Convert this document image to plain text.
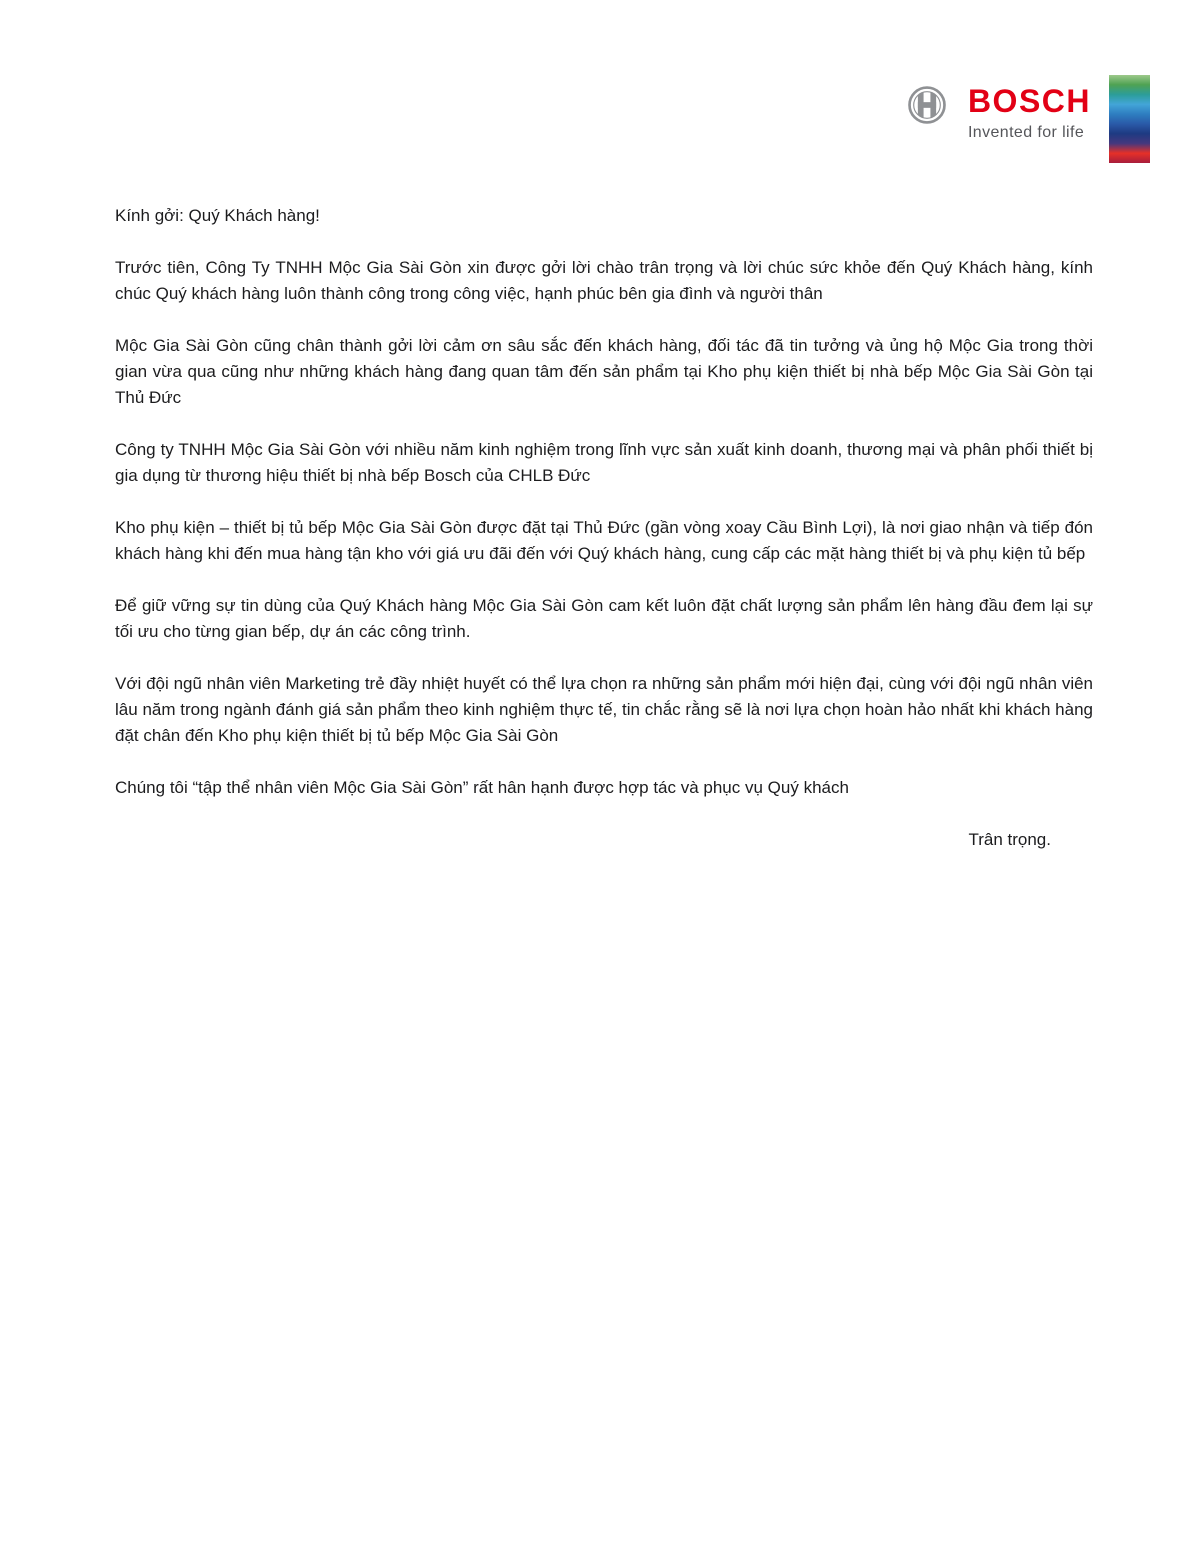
BOSCH
Invented for life

Kính gởi: Quý Khách hàng!

Trước tiên, Công Ty TNHH Mộc Gia Sài Gòn xin được gởi lời chào trân trọng và lời chúc sức khỏe đến Quý Khách hàng, kính chúc Quý khách hàng luôn thành công trong công việc, hạnh phúc bên gia đình và người thân

Mộc Gia Sài Gòn cũng chân thành gởi lời cảm ơn sâu sắc đến khách hàng, đối tác đã tin tưởng và ủng hộ Mộc Gia trong thời gian vừa qua cũng như những khách hàng đang quan tâm đến sản phẩm tại Kho phụ kiện thiết bị nhà bếp Mộc Gia Sài Gòn tại Thủ Đức

Công ty TNHH Mộc Gia Sài Gòn với nhiều năm kinh nghiệm trong lĩnh vực sản xuất kinh doanh, thương mại và phân phối thiết bị gia dụng từ thương hiệu thiết bị nhà bếp Bosch của CHLB Đức

Kho phụ kiện – thiết bị tủ bếp Mộc Gia Sài Gòn được đặt tại Thủ Đức (gần vòng xoay Cầu Bình Lợi), là nơi giao nhận và tiếp đón khách hàng khi đến mua hàng tận kho với giá ưu đãi đến với Quý khách hàng, cung cấp các mặt hàng thiết bị và phụ kiện tủ bếp

Để giữ vững sự tin dùng của Quý Khách hàng Mộc Gia Sài Gòn cam kết luôn đặt chất lượng sản phẩm lên hàng đầu đem lại sự tối ưu cho từng gian bếp, dự án các công trình.

Với đội ngũ nhân viên Marketing trẻ đầy nhiệt huyết có thể lựa chọn ra những sản phẩm mới hiện đại, cùng với đội ngũ nhân viên lâu năm trong ngành đánh giá sản phẩm theo kinh nghiệm thực tế, tin chắc rằng sẽ là nơi lựa chọn hoàn hảo nhất khi khách hàng đặt chân đến Kho phụ kiện thiết bị tủ bếp Mộc Gia Sài Gòn

Chúng tôi “tập thể nhân viên Mộc Gia Sài Gòn” rất hân hạnh được hợp tác và phục vụ Quý khách

Trân trọng.
